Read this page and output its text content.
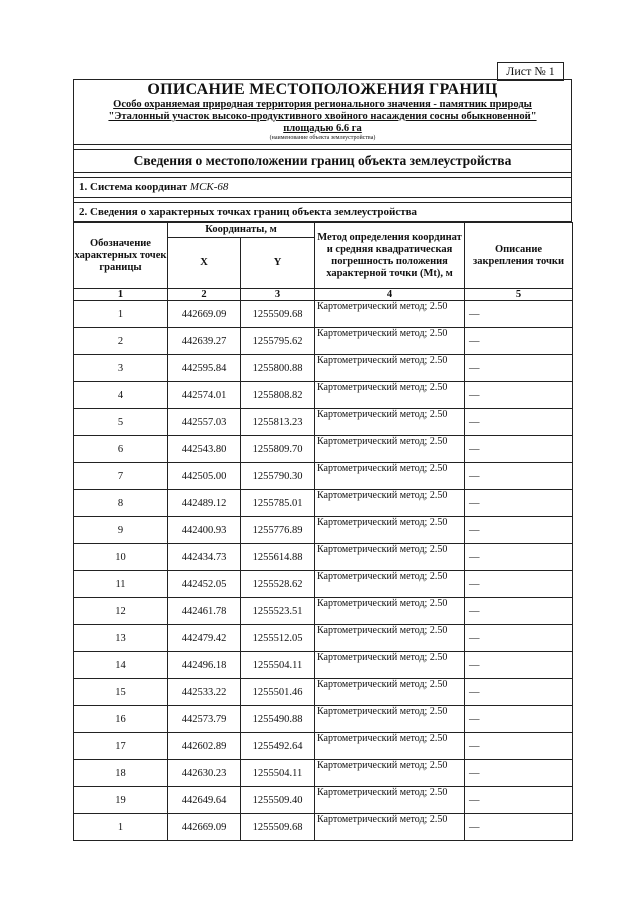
Лист № 1
ОПИСАНИЕ МЕСТОПОЛОЖЕНИЯ ГРАНИЦ
Особо охраняемая природная территория регионального значения - памятник природы
"Эталонный участок высоко-продуктивного хвойного насаждения сосны обыкновенной"
площадью 6.6 га
(наименование объекта землеустройства)
Сведения о местоположении границ объекта землеустройства
1. Система координат МСК-68
2. Сведения о характерных точках границ объекта землеустройства
Обозначение характерных точек границы	Координаты, м		Метод определения координат и средняя квадратическая погрешность положения характерной точки (Mt), м	Описание закрепления точки
	X	Y		
1	2	3	4	5
1	442669.09	1255509.68	Картометрический метод; 2.50	—
2	442639.27	1255795.62	Картометрический метод; 2.50	—
3	442595.84	1255800.88	Картометрический метод; 2.50	—
4	442574.01	1255808.82	Картометрический метод; 2.50	—
5	442557.03	1255813.23	Картометрический метод; 2.50	—
6	442543.80	1255809.70	Картометрический метод; 2.50	—
7	442505.00	1255790.30	Картометрический метод; 2.50	—
8	442489.12	1255785.01	Картометрический метод; 2.50	—
9	442400.93	1255776.89	Картометрический метод; 2.50	—
10	442434.73	1255614.88	Картометрический метод; 2.50	—
11	442452.05	1255528.62	Картометрический метод; 2.50	—
12	442461.78	1255523.51	Картометрический метод; 2.50	—
13	442479.42	1255512.05	Картометрический метод; 2.50	—
14	442496.18	1255504.11	Картометрический метод; 2.50	—
15	442533.22	1255501.46	Картометрический метод; 2.50	—
16	442573.79	1255490.88	Картометрический метод; 2.50	—
17	442602.89	1255492.64	Картометрический метод; 2.50	—
18	442630.23	1255504.11	Картометрический метод; 2.50	—
19	442649.64	1255509.40	Картометрический метод; 2.50	—
1	442669.09	1255509.68	Картометрический метод; 2.50	—
